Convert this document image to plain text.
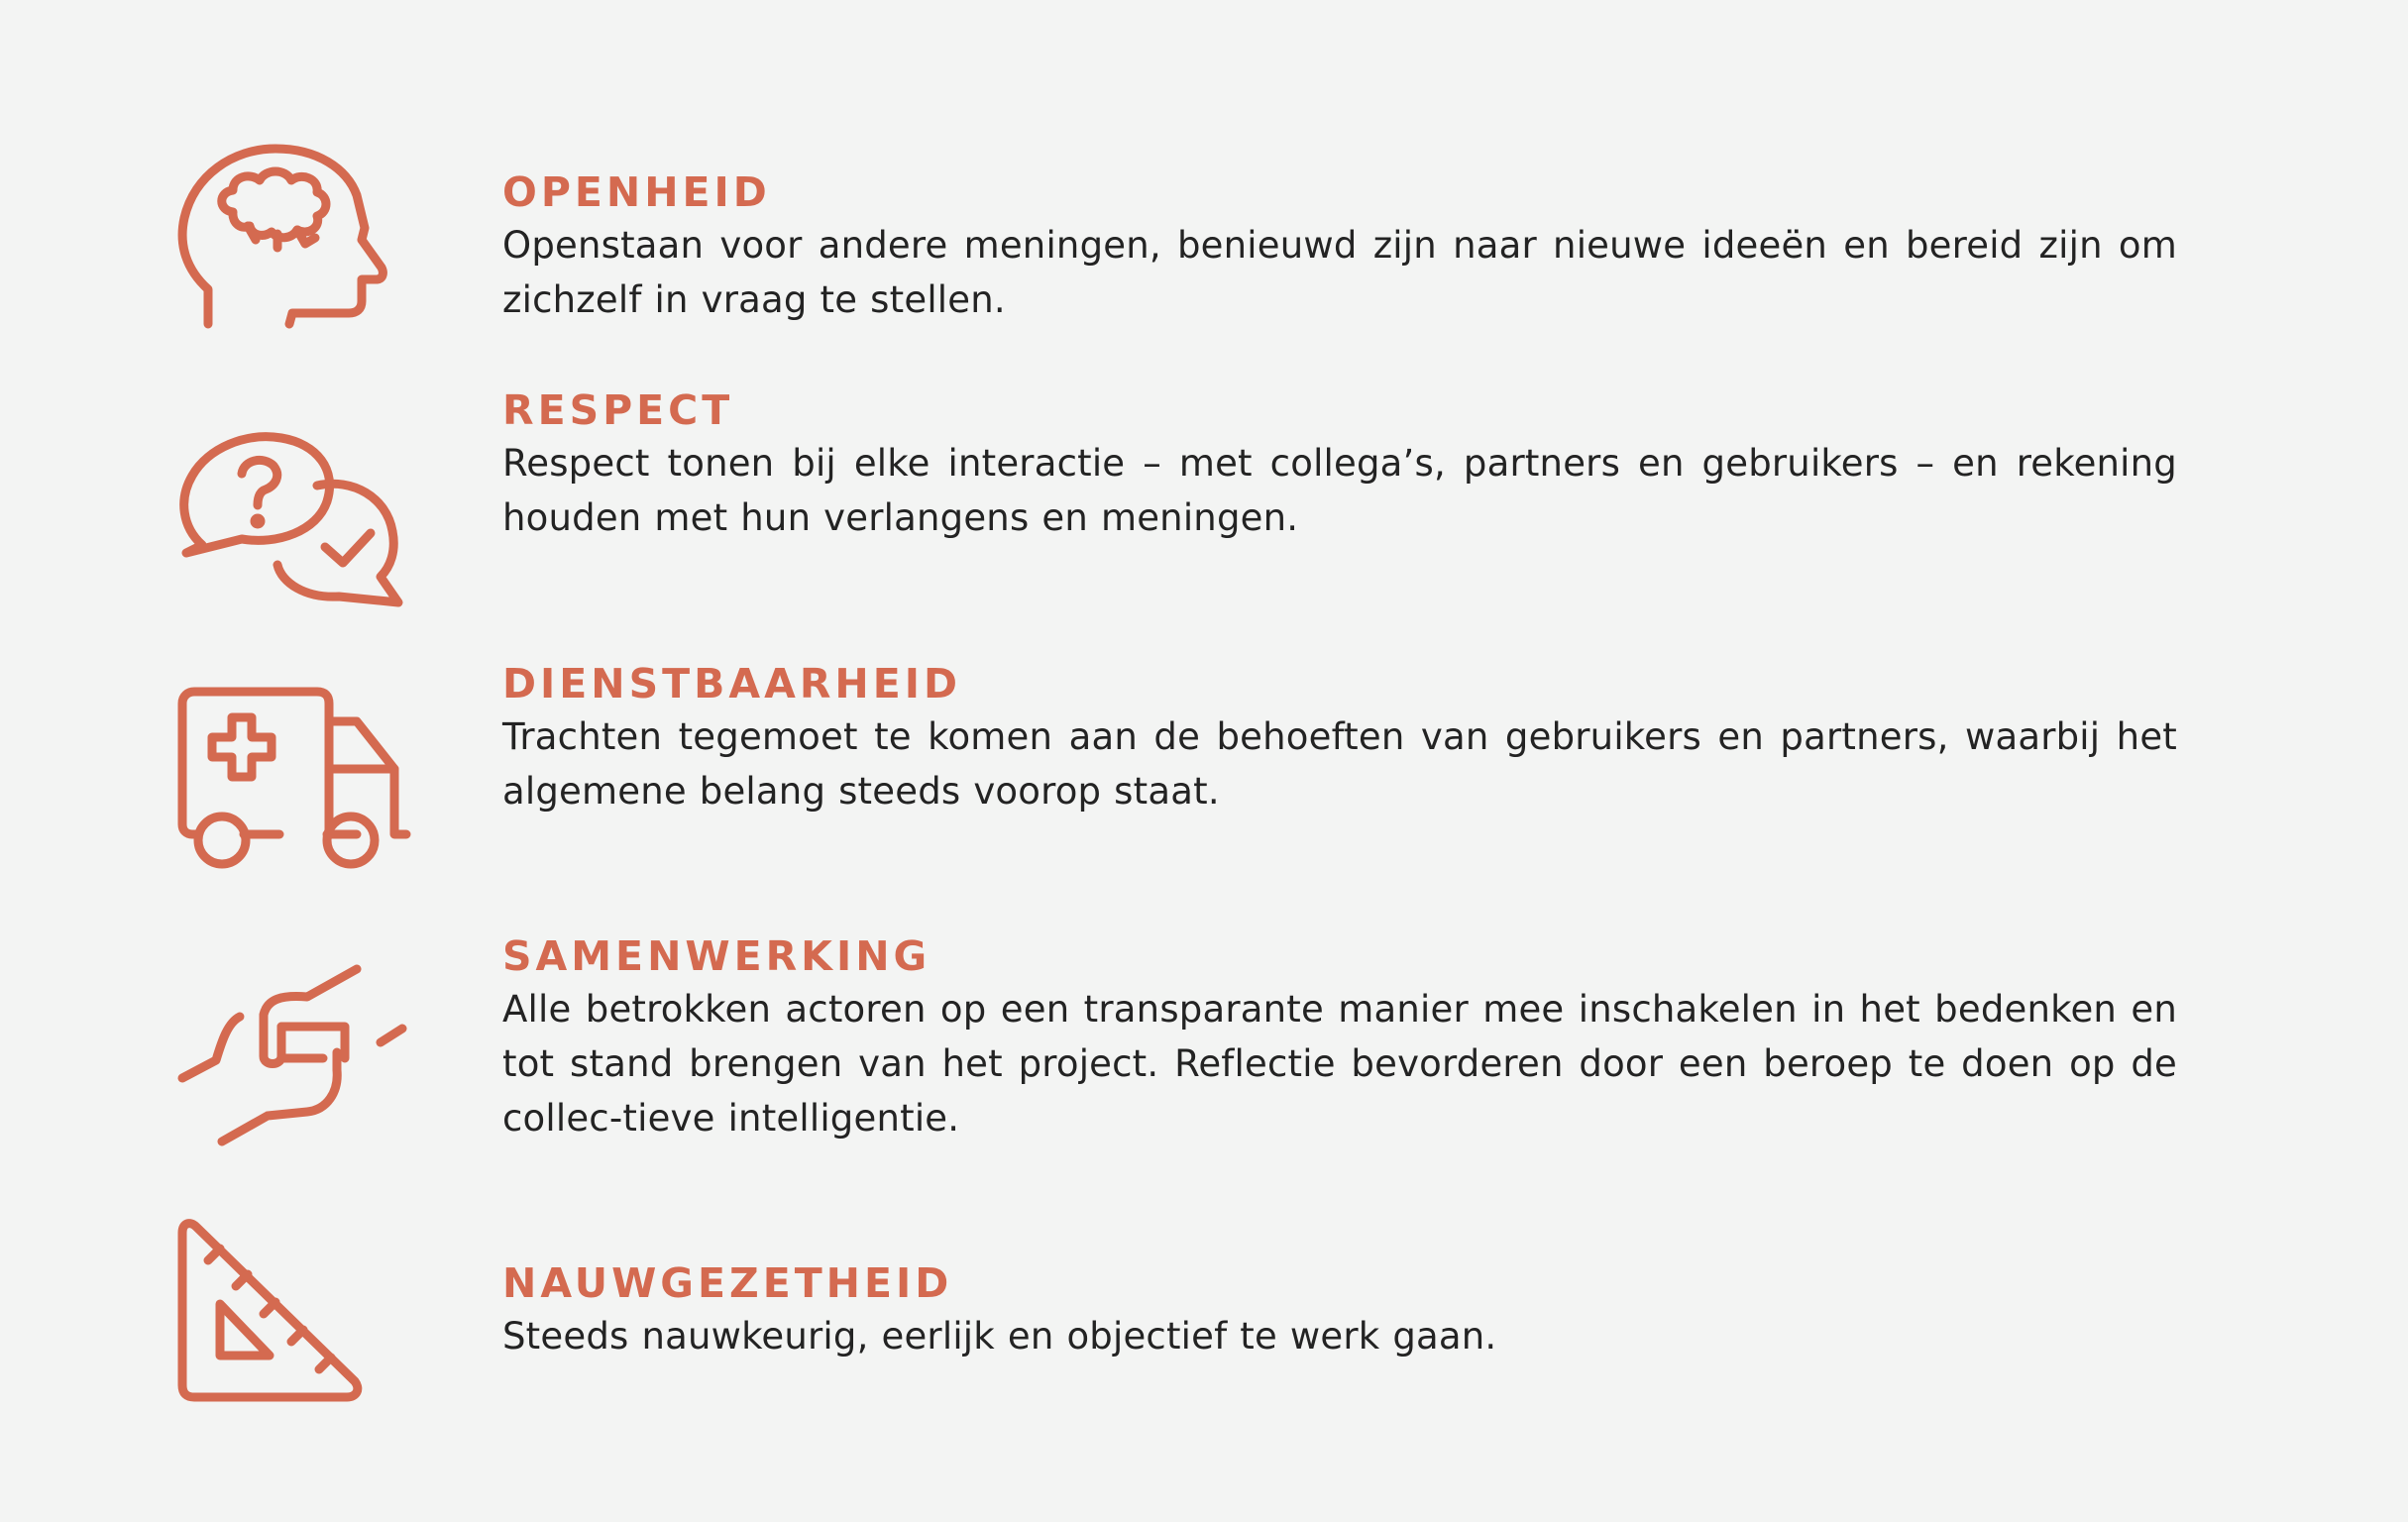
OPENHEID

Openstaan voor andere meningen, benieuwd zijn naar nieuwe ideeën en bereid zijn om zichzelf in vraag te stellen.

RESPECT

Respect tonen bij elke interactie – met collega’s, partners en gebruikers – en rekening houden met hun verlangens en meningen.

DIENSTBAARHEID

Trachten tegemoet te komen aan de behoeften van gebruikers en partners, waarbij het algemene belang steeds voorop staat.

SAMENWERKING

Alle betrokken actoren op een transparante manier mee inschakelen in het bedenken en tot stand brengen van het project. Reflectie bevorderen door een beroep te doen op de collec-tieve intelligentie.

NAUWGEZETHEID

Steeds nauwkeurig, eerlijk en objectief te werk gaan.
